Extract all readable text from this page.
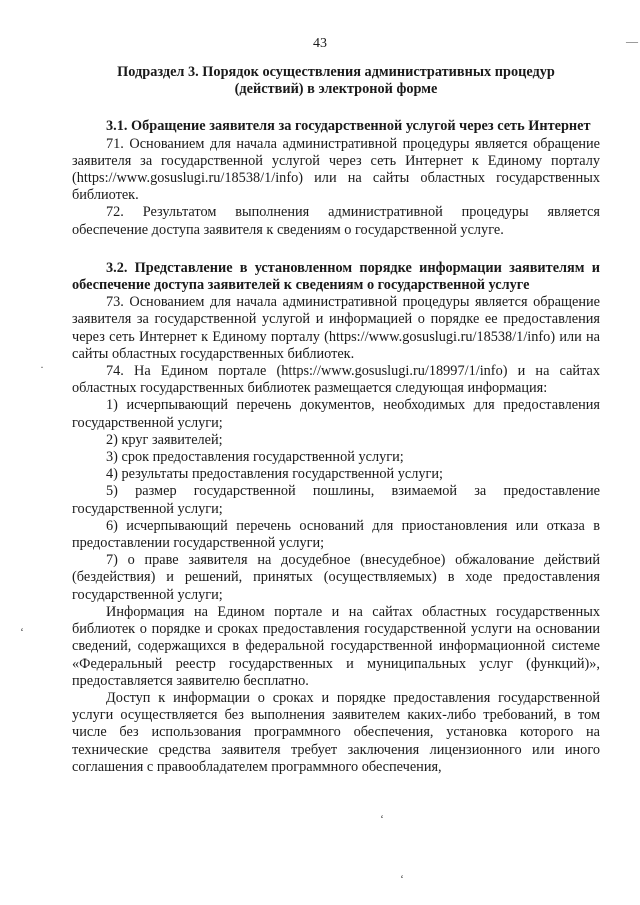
43

Подраздел 3. Порядок осуществления административных процедур (действий) в электроной форме

3.1. Обращение заявителя за государственной услугой через сеть Интернет

71. Основанием для начала административной процедуры является обращение заявителя за государственной услугой через сеть Интернет к Единому порталу (https://www.gosuslugi.ru/18538/1/info) или на сайты областных государственных библиотек.

72. Результатом выполнения административной процедуры является обеспечение доступа заявителя к сведениям о государственной услуге.

3.2. Представление в установленном порядке информации заявителям и обеспечение доступа заявителей к сведениям о государственной услуге

73. Основанием для начала административной процедуры является обращение заявителя за государственной услугой и информацией о порядке ее предоставления через сеть Интернет к Единому порталу (https://www.gosuslugi.ru/18538/1/info) или на сайты областных государственных библиотек.

74. На Едином портале (https://www.gosuslugi.ru/18997/1/info) и на сайтах областных государственных библиотек размещается следующая информация:

1) исчерпывающий перечень документов, необходимых для предоставления государственной услуги;

2) круг заявителей;

3) срок предоставления государственной услуги;

4) результаты предоставления государственной услуги;

5) размер государственной пошлины, взимаемой за предоставление государственной услуги;

6) исчерпывающий перечень оснований для приостановления или отказа в предоставлении государственной услуги;

7) о праве заявителя на досудебное (внесудебное) обжалование действий (бездействия) и решений, принятых (осуществляемых) в ходе предоставления государственной услуги;

Информация на Едином портале и на сайтах областных государственных библиотек о порядке и сроках предоставления государственной услуги на основании сведений, содержащихся в федеральной государственной информационной системе «Федеральный реестр государственных и муниципальных услуг (функций)», предоставляется заявителю бесплатно.

Доступ к информации о сроках и порядке предоставления государственной услуги осуществляется без выполнения заявителем каких-либо требований, в том числе без использования программного обеспечения, установка которого на технические средства заявителя требует заключения лицензионного или иного соглашения с правообладателем программного обеспечения,

—
·
‘
‘
‘
